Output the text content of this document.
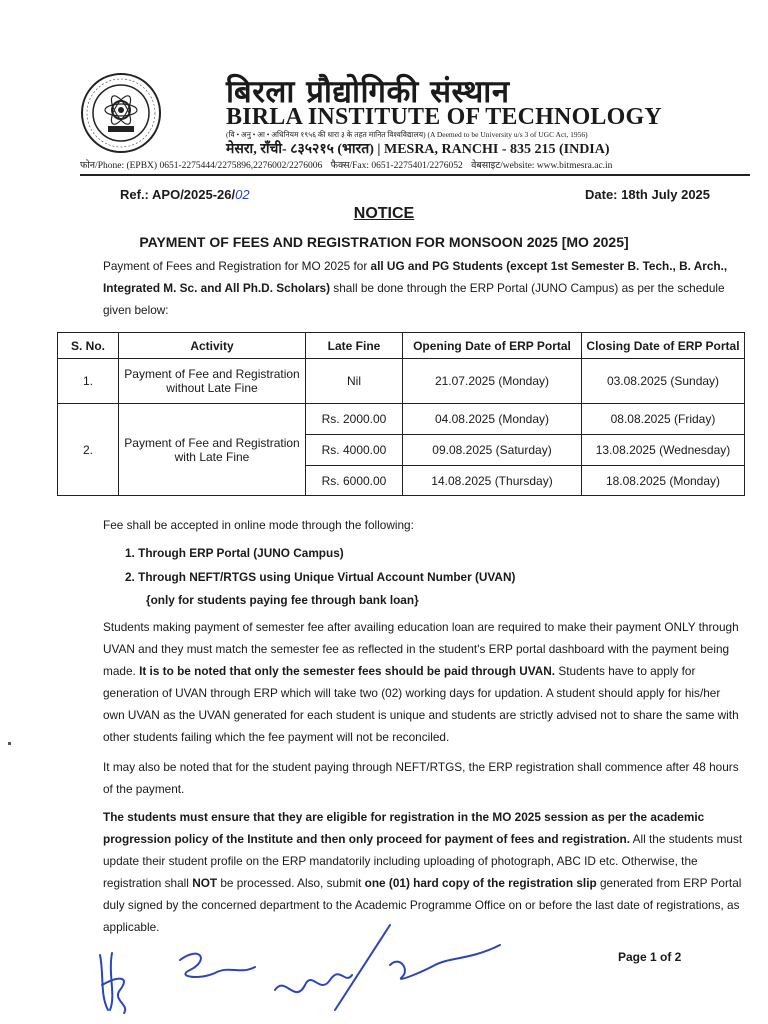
बिरला प्रौद्योगिकी संस्थान
BIRLA INSTITUTE OF TECHNOLOGY
(वि • अनु • आ • अधिनियम १९५६ की धारा ३ के तहत मानित विश्वविद्यालय) (A Deemed to be University u/s 3 of UGC Act, 1956)
मेसरा, राँची- ८३५२१५ (भारत) | MESRA, RANCHI - 835 215 (INDIA)
फोन/Phone: (EPBX) 0651-2275444/2275896,2276002/2276006 फैक्स/Fax: 0651-2275401/2276052 वेबसाइट/website: www.bitmesra.ac.in
Ref.: APO/2025-26/02	Date: 18th July 2025
NOTICE
PAYMENT OF FEES AND REGISTRATION FOR MONSOON 2025 [MO 2025]
Payment of Fees and Registration for MO 2025 for all UG and PG Students (except 1st Semester B. Tech., B. Arch., Integrated M. Sc. and All Ph.D. Scholars) shall be done through the ERP Portal (JUNO Campus) as per the schedule given below:
S. No.	Activity	Late Fine	Opening Date of ERP Portal	Closing Date of ERP Portal
1.	Payment of Fee and Registration without Late Fine	Nil	21.07.2025 (Monday)	03.08.2025 (Sunday)
2.	Payment of Fee and Registration with Late Fine	Rs. 2000.00	04.08.2025 (Monday)	08.08.2025 (Friday)
		Rs. 4000.00	09.08.2025 (Saturday)	13.08.2025 (Wednesday)
		Rs. 6000.00	14.08.2025 (Thursday)	18.08.2025 (Monday)
Fee shall be accepted in online mode through the following:
1. Through ERP Portal (JUNO Campus)
2. Through NEFT/RTGS using Unique Virtual Account Number (UVAN)
{only for students paying fee through bank loan}
Students making payment of semester fee after availing education loan are required to make their payment ONLY through UVAN and they must match the semester fee as reflected in the student's ERP portal dashboard with the payment being made. It is to be noted that only the semester fees should be paid through UVAN. Students have to apply for generation of UVAN through ERP which will take two (02) working days for updation. A student should apply for his/her own UVAN as the UVAN generated for each student is unique and students are strictly advised not to share the same with other students failing which the fee payment will not be reconciled.
It may also be noted that for the student paying through NEFT/RTGS, the ERP registration shall commence after 48 hours of the payment.
The students must ensure that they are eligible for registration in the MO 2025 session as per the academic progression policy of the Institute and then only proceed for payment of fees and registration. All the students must update their student profile on the ERP mandatorily including uploading of photograph, ABC ID etc. Otherwise, the registration shall NOT be processed. Also, submit one (01) hard copy of the registration slip generated from ERP Portal duly signed by the concerned department to the Academic Programme Office on or before the last date of registrations, as applicable.
Page 1 of 2
